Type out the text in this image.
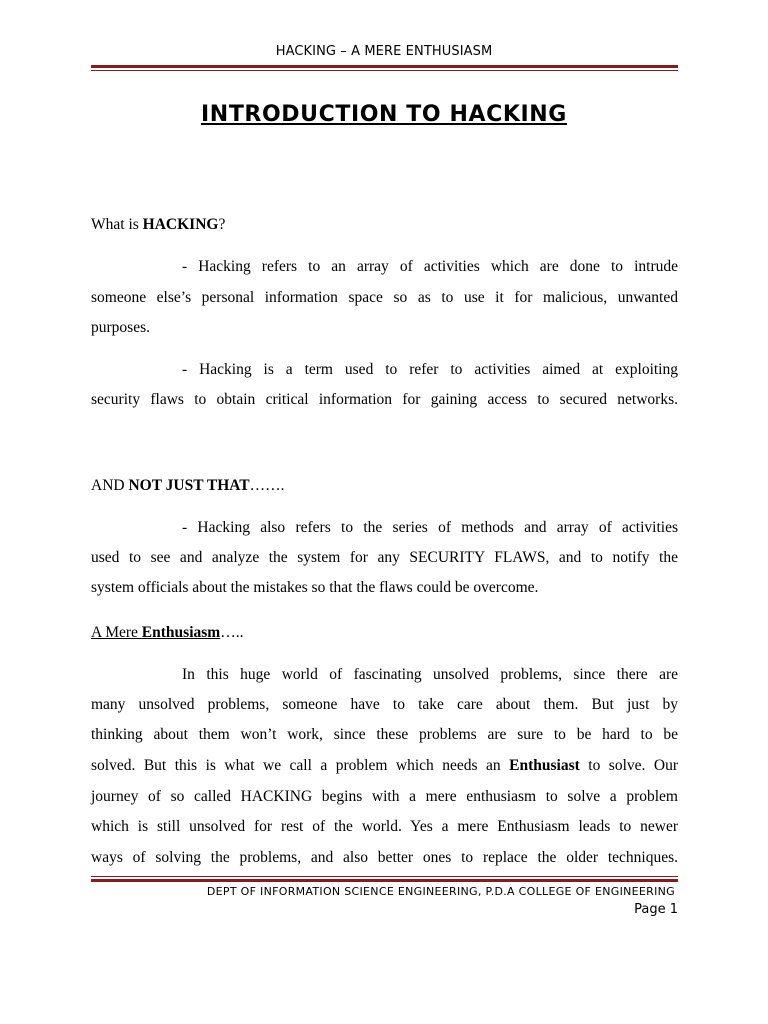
HACKING – A MERE ENTHUSIASM
INTRODUCTION TO HACKING
What is HACKING?
- Hacking refers to an array of activities which are done to intrude
someone else’s personal information space so as to use it for malicious, unwanted
purposes.
- Hacking is a term used to refer to activities aimed at exploiting
security flaws to obtain critical information for gaining access to secured networks.
AND NOT JUST THAT…….
- Hacking also refers to the series of methods and array of activities
used to see and analyze the system for any SECURITY FLAWS, and to notify the
system officials about the mistakes so that the flaws could be overcome.
A Mere Enthusiasm…..
In this huge world of fascinating unsolved problems, since there are
many unsolved problems, someone have to take care about them. But just by
thinking about them won’t work, since these problems are sure to be hard to be
solved. But this is what we call a problem which needs an Enthusiast to solve. Our
journey of so called HACKING begins with a mere enthusiasm to solve a problem
which is still unsolved for rest of the world. Yes a mere Enthusiasm leads to newer
ways of solving the problems, and also better ones to replace the older techniques.
DEPT OF INFORMATION SCIENCE ENGINEERING, P.D.A COLLEGE OF ENGINEERING
Page 1
